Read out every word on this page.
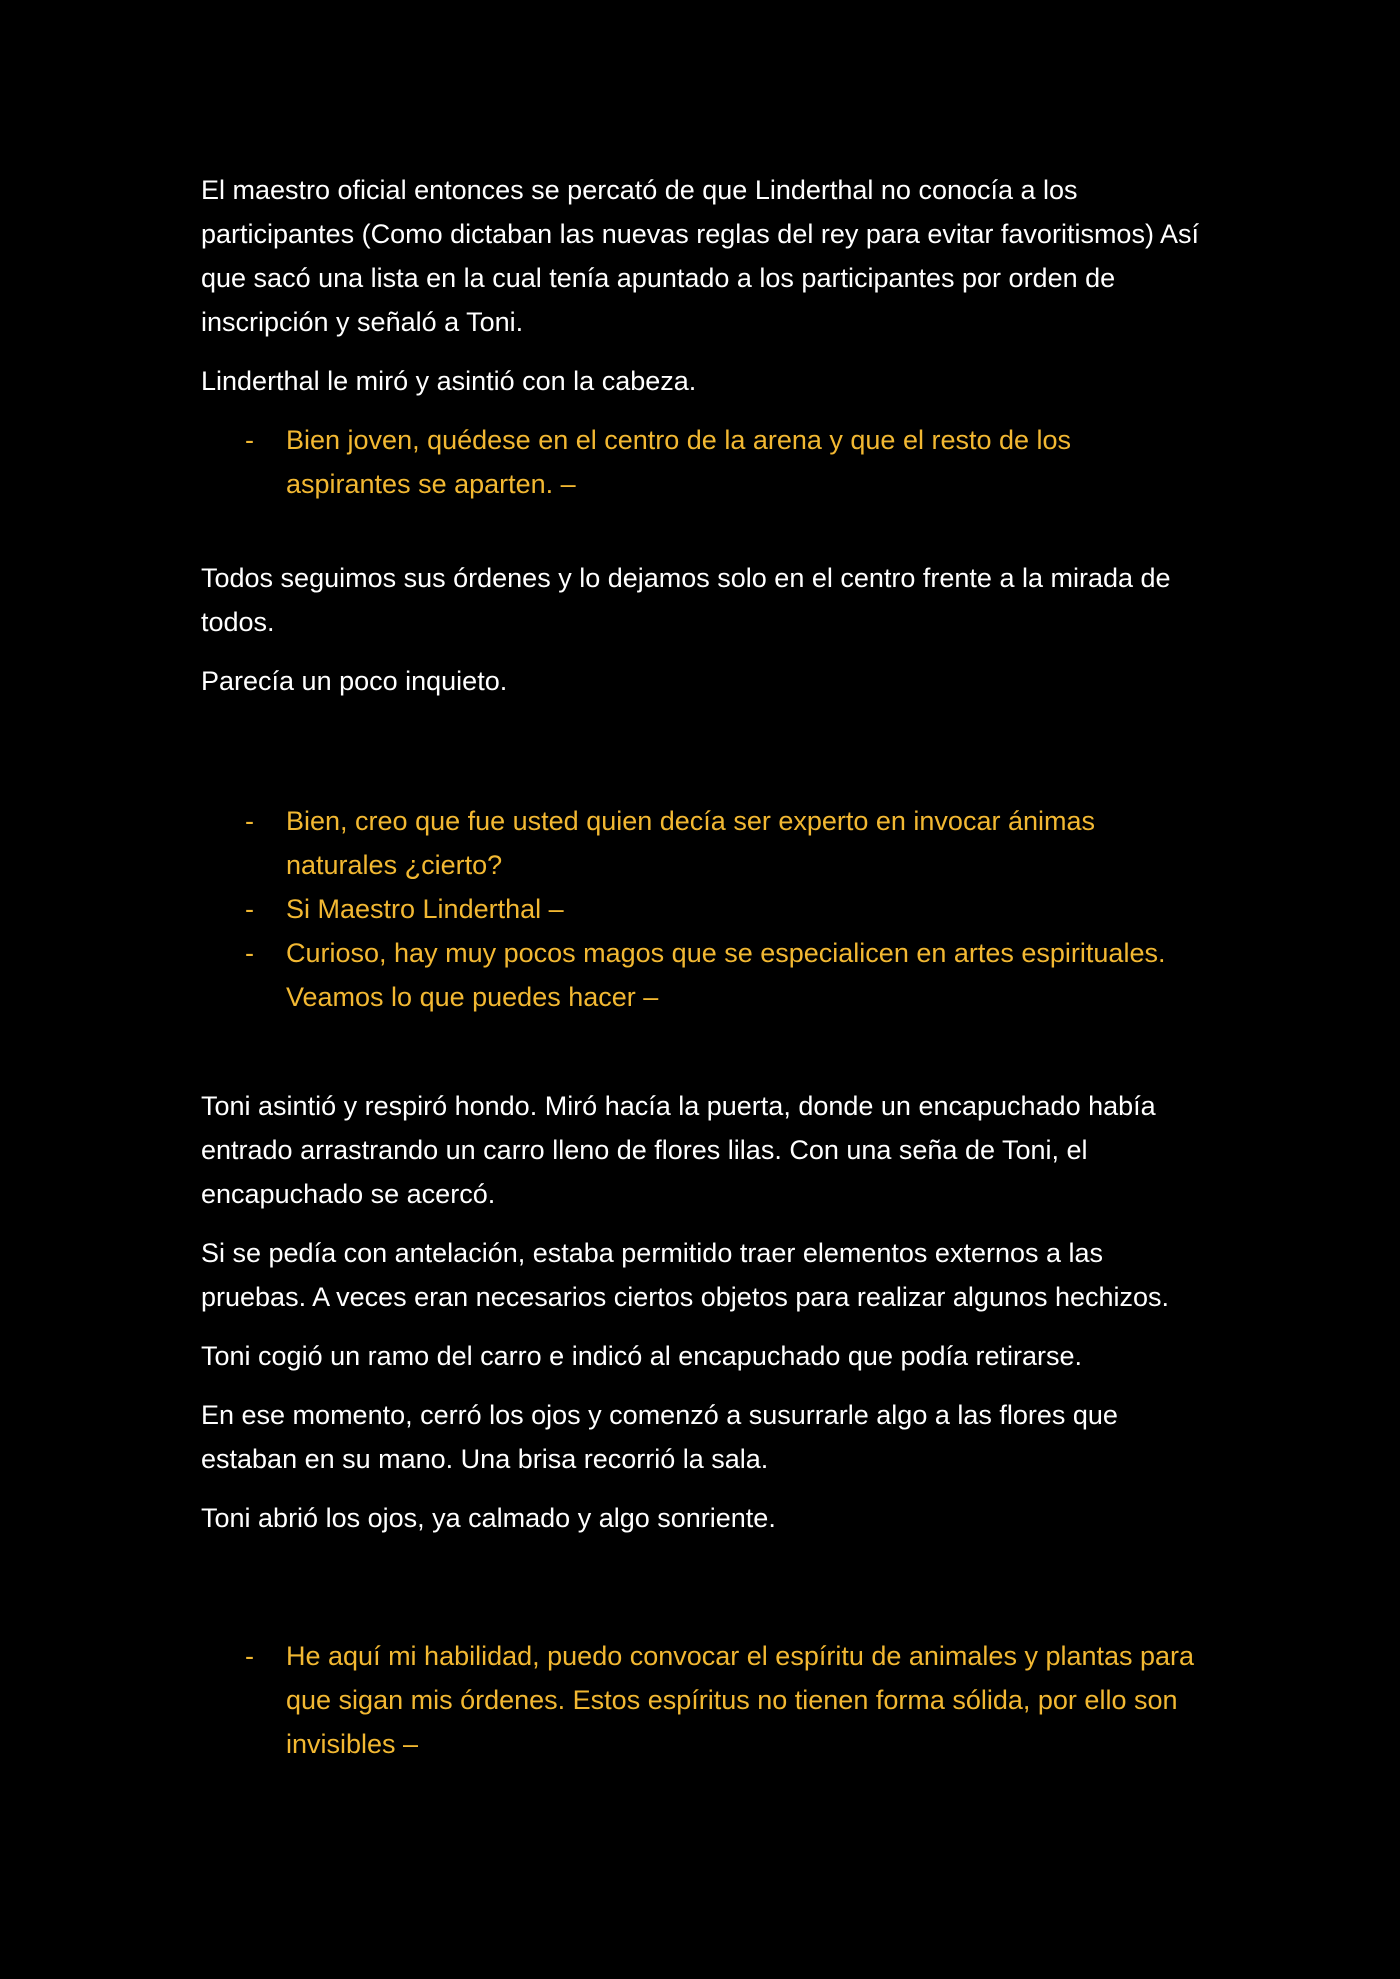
El maestro oficial entonces se percató de que Linderthal no conocía a los participantes (Como dictaban las nuevas reglas del rey para evitar favoritismos) Así que sacó una lista en la cual tenía apuntado a los participantes por orden de inscripción y señaló a Toni.

Linderthal le miró y asintió con la cabeza.

- Bien joven, quédese en el centro de la arena y que el resto de los aspirantes se aparten. –

Todos seguimos sus órdenes y lo dejamos solo en el centro frente a la mirada de todos.

Parecía un poco inquieto.

- Bien, creo que fue usted quien decía ser experto en invocar ánimas naturales ¿cierto?
- Si Maestro Linderthal –
- Curioso, hay muy pocos magos que se especialicen en artes espirituales. Veamos lo que puedes hacer –

Toni asintió y respiró hondo. Miró hacía la puerta, donde un encapuchado había entrado arrastrando un carro lleno de flores lilas. Con una seña de Toni, el encapuchado se acercó.

Si se pedía con antelación, estaba permitido traer elementos externos a las pruebas. A veces eran necesarios ciertos objetos para realizar algunos hechizos.

Toni cogió un ramo del carro e indicó al encapuchado que podía retirarse.

En ese momento, cerró los ojos y comenzó a susurrarle algo a las flores que estaban en su mano. Una brisa recorrió la sala.

Toni abrió los ojos, ya calmado y algo sonriente.

- He aquí mi habilidad, puedo convocar el espíritu de animales y plantas para que sigan mis órdenes. Estos espíritus no tienen forma sólida, por ello son invisibles –
